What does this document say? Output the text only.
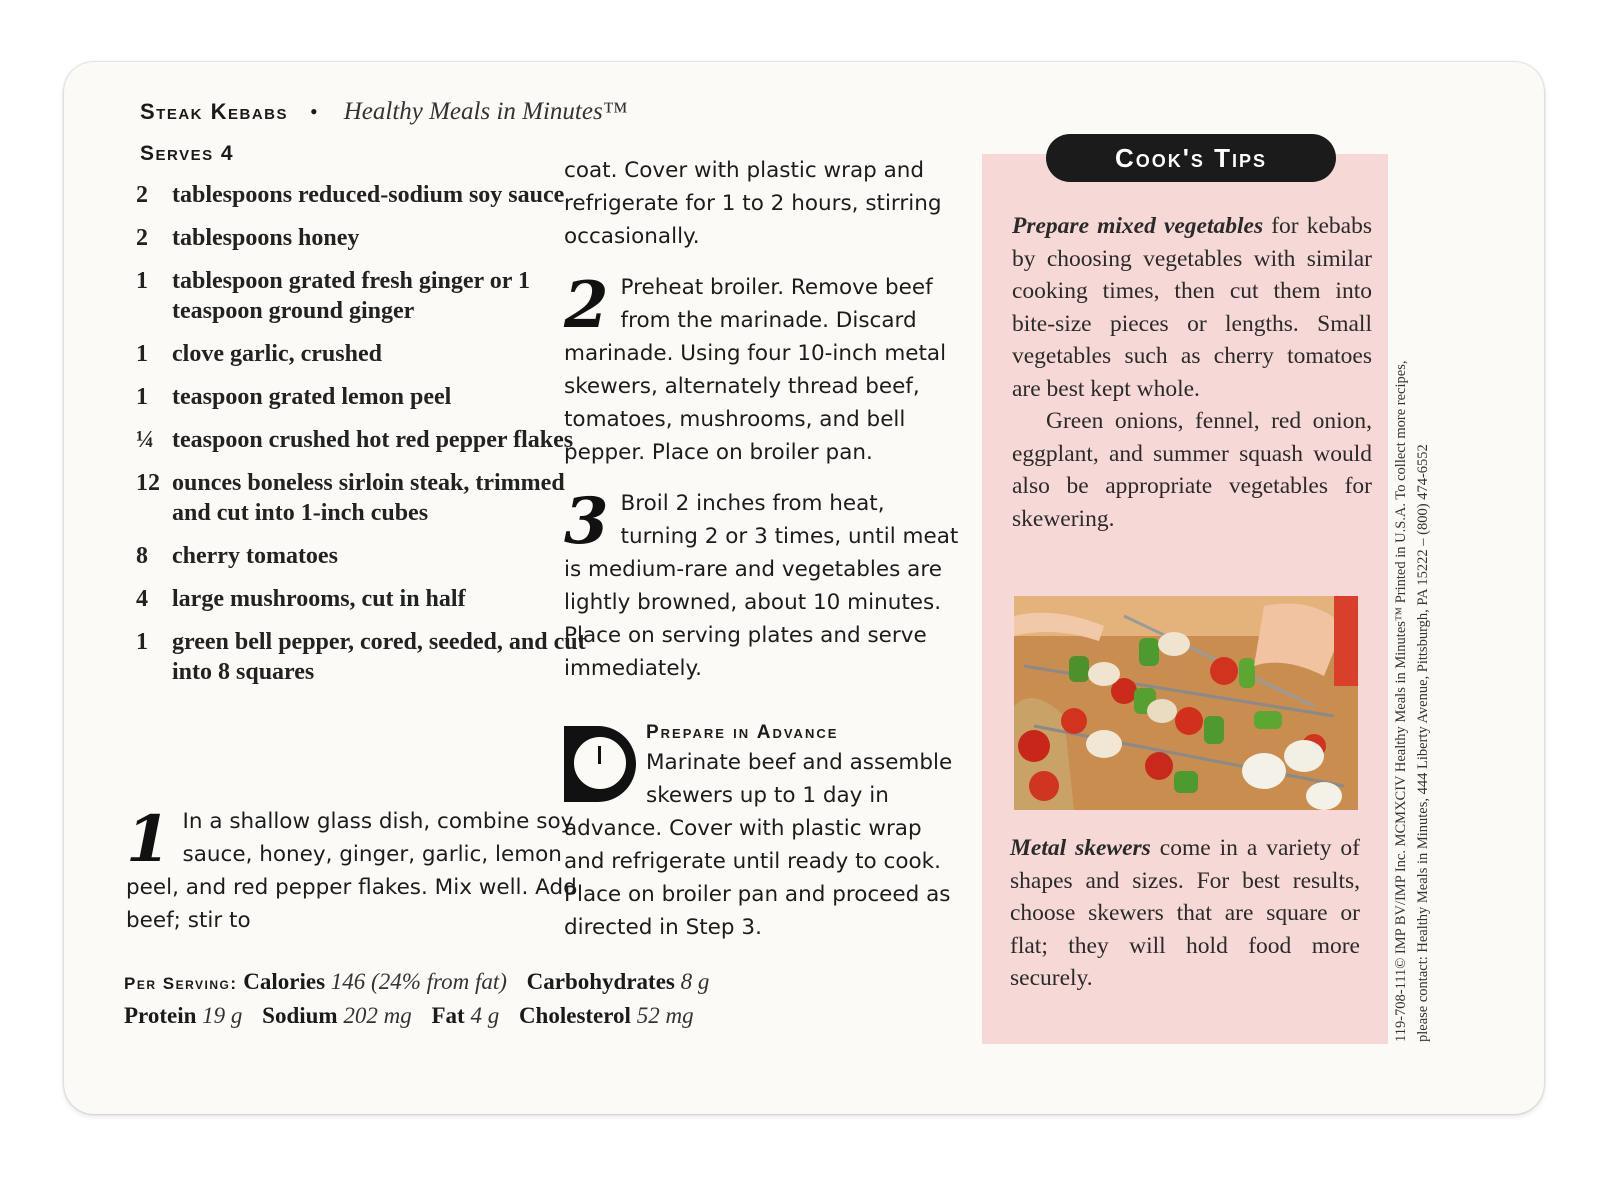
Steak Kebabs • Healthy Meals in Minutes™
Serves 4
2	tablespoons reduced-sodium soy sauce
2	tablespoons honey
1	tablespoon grated fresh ginger or 1 teaspoon ground ginger
1	clove garlic, crushed
1	teaspoon grated lemon peel
¼ teaspoon crushed hot red pepper flakes
12 ounces boneless sirloin steak, trimmed and cut into 1-inch cubes
8	cherry tomatoes
4	large mushrooms, cut in half
1	green bell pepper, cored, seeded, and cut into 8 squares
1 In a shallow glass dish, combine soy sauce, honey, ginger, garlic, lemon peel, and red pepper flakes. Mix well. Add beef; stir to
coat. Cover with plastic wrap and refrigerate for 1 to 2 hours, stirring occasionally.
2 Preheat broiler. Remove beef from the marinade. Discard marinade. Using four 10-inch metal skewers, alternately thread beef, tomatoes, mushrooms, and bell pepper. Place on broiler pan.
3 Broil 2 inches from heat, turning 2 or 3 times, until meat is medium-rare and vegetables are lightly browned, about 10 minutes. Place on serving plates and serve immediately.
Prepare in Advance
Marinate beef and assemble skewers up to 1 day in advance. Cover with plastic wrap and refrigerate until ready to cook. Place on broiler pan and proceed as directed in Step 3.
Per Serving: Calories 146 (24% from fat) Carbohydrates 8 g
Protein 19 g Sodium 202 mg Fat 4 g Cholesterol 52 mg

Prepare mixed vegetables for kebabs by choosing vegetables with similar cooking times, then cut them into bite-size pieces or lengths. Small vegetables such as cherry tomatoes are best kept whole.

Green onions, fennel, red onion, eggplant, and summer squash would also be appropriate vegetables for skewering.

Metal skewers come in a variety of shapes and sizes. For best results, choose skewers that are square or flat; they will hold food more securely.
Cook's Tips
119-708-111© IMP BV/IMP Inc. MCMXCIV Healthy Meals in Minutes™ Printed in U.S.A. To collect more recipes, please contact: Healthy Meals in Minutes, 444 Liberty Avenue, Pittsburgh, PA 15222 – (800) 474-6552
